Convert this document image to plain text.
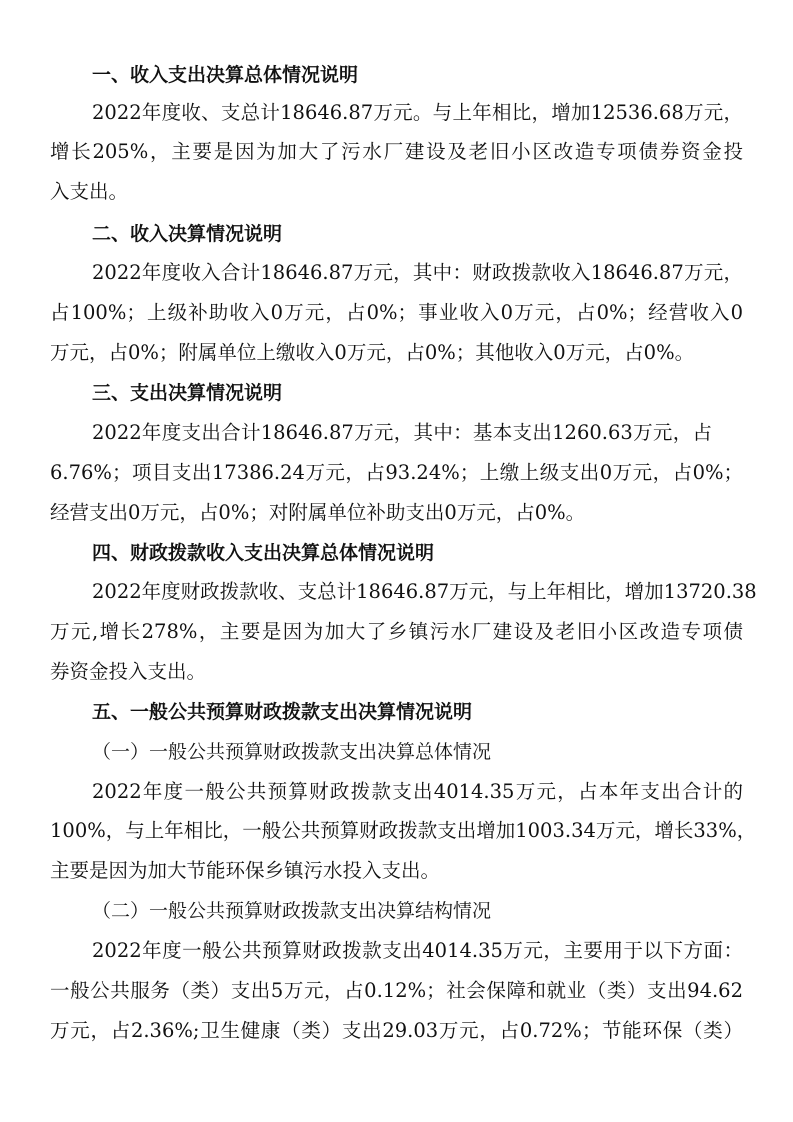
一、收入支出决算总体情况说明
2022年度收、支总计18646.87万元。与上年相比，增加12536.68万元，
增长205%，主要是因为加大了污水厂建设及老旧小区改造专项债券资金投
入支出。
二、收入决算情况说明
2022年度收入合计18646.87万元，其中：财政拨款收入18646.87万元，
占100%；上级补助收入0万元，占0%；事业收入0万元，占0%；经营收入0
万元，占0%；附属单位上缴收入0万元，占0%；其他收入0万元，占0%。
三、支出决算情况说明
2022年度支出合计18646.87万元，其中：基本支出1260.63万元，占
6.76%；项目支出17386.24万元，占93.24%；上缴上级支出0万元，占0%；
经营支出0万元，占0%；对附属单位补助支出0万元，占0%。
四、财政拨款收入支出决算总体情况说明
2022年度财政拨款收、支总计18646.87万元，与上年相比，增加13720.38
万元,增长278%，主要是因为加大了乡镇污水厂建设及老旧小区改造专项债
券资金投入支出。
五、一般公共预算财政拨款支出决算情况说明
（一）一般公共预算财政拨款支出决算总体情况
2022年度一般公共预算财政拨款支出4014.35万元，占本年支出合计的
100%，与上年相比，一般公共预算财政拨款支出增加1003.34万元，增长33%，
主要是因为加大节能环保乡镇污水投入支出。
（二）一般公共预算财政拨款支出决算结构情况
2022年度一般公共预算财政拨款支出4014.35万元，主要用于以下方面：
一般公共服务（类）支出5万元，占0.12%；社会保障和就业（类）支出94.62
万元，占2.36%;卫生健康（类）支出29.03万元，占0.72%；节能环保（类）
